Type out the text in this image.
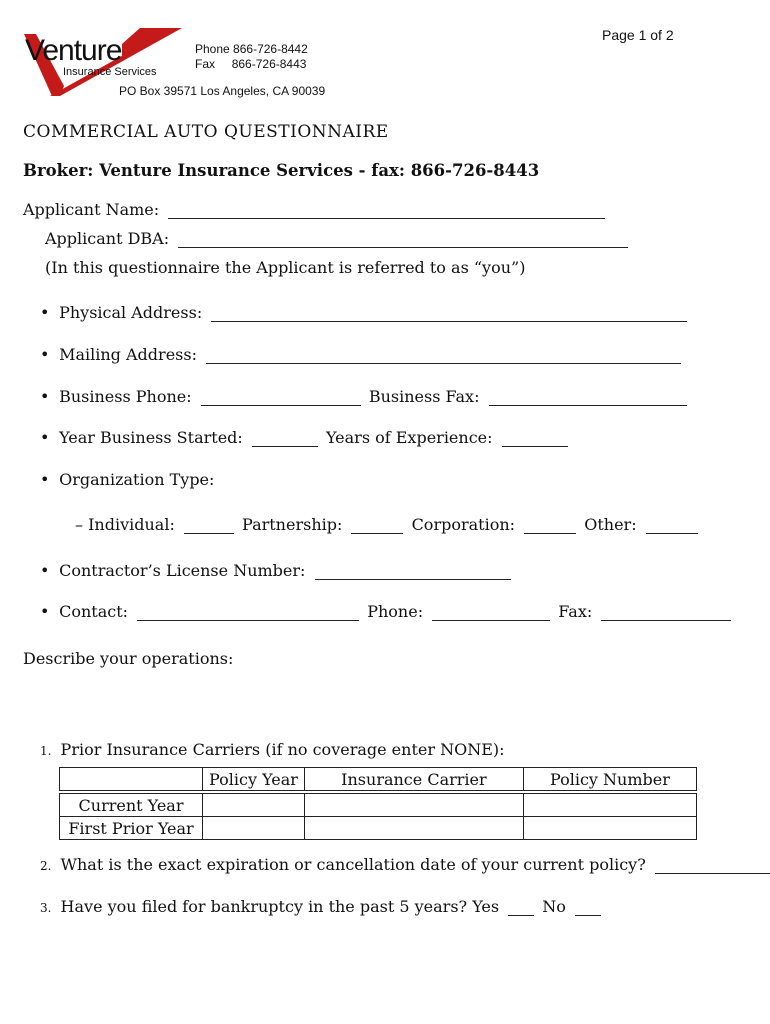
Page 1 of 2
Venture
Insurance Services
Phone 866-726-8442
Fax 866-726-8443
PO Box 39571 Los Angeles, CA 90039
COMMERCIAL AUTO QUESTIONNAIRE
Broker: Venture Insurance Services - fax: 866-726-8443
Applicant Name:
Applicant DBA:
(In this questionnaire the Applicant is referred to as “you”)
• Physical Address:
• Mailing Address:
• Business Phone:	Business Fax:
• Year Business Started:	Years of Experience:
• Organization Type:
– Individual:	Partnership:	Corporation:	Other:
• Contractor’s License Number:
• Contact:	Phone:	Fax:
Describe your operations:
1. Prior Insurance Carriers (if no coverage enter NONE):
	Policy Year	Insurance Carrier	Policy Number

Current Year			
First Prior Year			
2. What is the exact expiration or cancellation date of your current policy?
3. Have you filed for bankruptcy in the past 5 years? Yes	No
